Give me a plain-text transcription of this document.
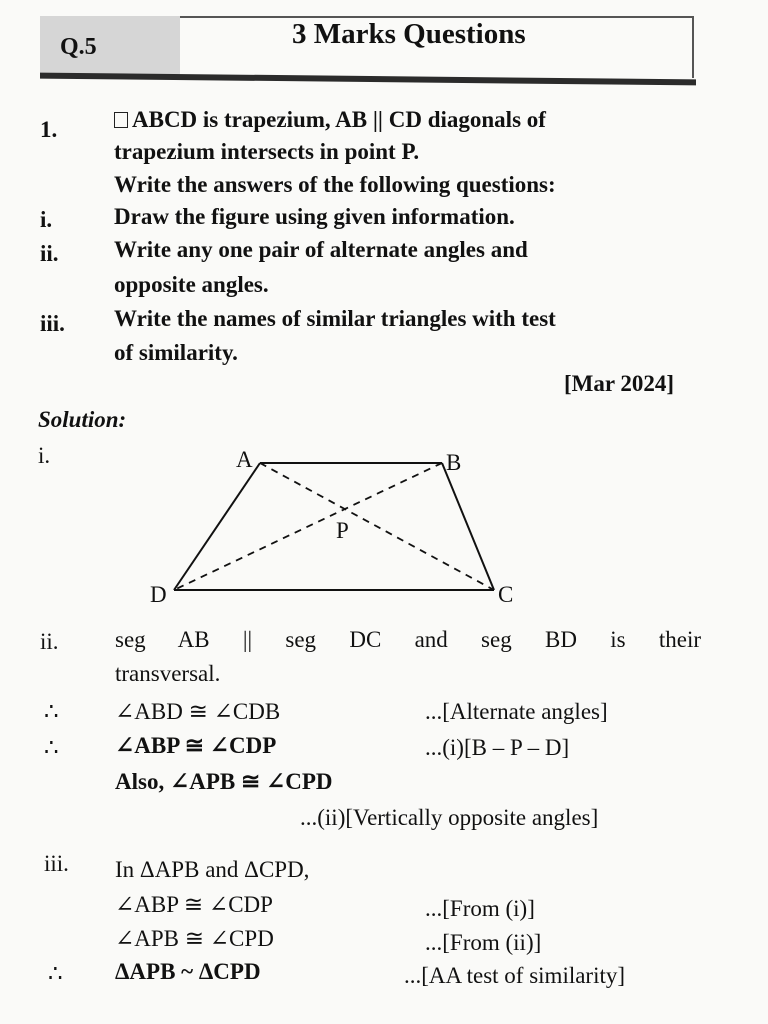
Q.5	3 Marks Questions
1.	ABCD is trapezium, AB || CD diagonals of
trapezium intersects in point P.
Write the answers of the following questions:
i.	Draw the figure using given information.
ii. Write any one pair of alternate angles and
opposite angles.
iii. Write the names of similar triangles with test
of similarity.
[Mar 2024]
Solution:
i.	A	B
C
D
P
ii. seg AB || seg DC and seg BD is their
transversal.
∴ ∠ABD ≅ ∠CDB	...[Alternate angles]
∴ ∠ABP ≅ ∠CDP	...(i)[B – P – D]
Also, ∠APB ≅ ∠CPD
...(ii)[Vertically opposite angles]
iii. In ΔAPB and ΔCPD,
∠ABP ≅ ∠CDP	...[From (i)]
∠APB ≅ ∠CPD	...[From (ii)]
∴ ΔAPB ~ ΔCPD	...[AA test of similarity]
